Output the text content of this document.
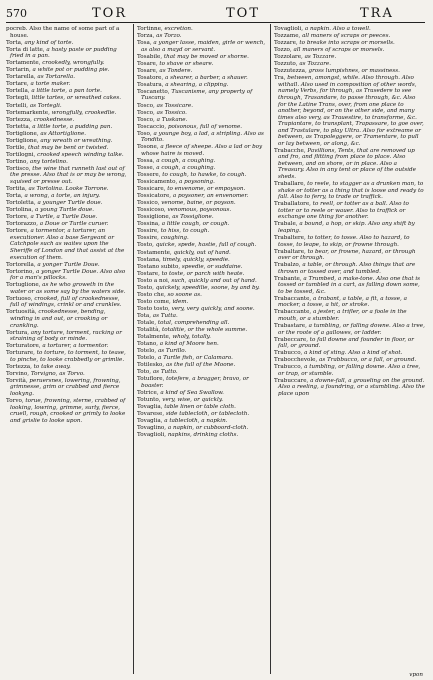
570	TOR	TOT	TRA
pocreb. Also the name of some part of a house.
Torta, any kind of torte.
Torta di latte, a hasty paste or pudding fried in a pan.
Tortamente, crookedly, wrongfully.
Tortarin, a white pot or pudding pie.
Tortarella, as Tortarella.
Tortare, a torte maker.
Tortella, a little torte, a pan torte.
Tortegli, little tartes, or wreathed cakes.
Tortelli, as Tortegli.
Tortemarkente, wrongfully, crookedlie.
Tortezza, crookednesse.
Tortetta, a little torte, a pudding pan.
Tortiglione, as Attortiglione.
Tortiglione, any wreath or wreathing.
Tortile, that may be bent or twisted.
Tortilogni, crooked speech winding talke.
Tortino, any tortelino.
Tortisco, the wine that runneth last out of the presse. Also that is or may be wrong, squised or presse out.
Tortita, as Tortolina. Looke Torrone.
Torta, a wrong, a torte, an injury.
Tortoletta, a younger Turtle doue.
Tortolina, a young Turtle doue.
Tortore, a Turtle, a Turtle Doue.
Tortorazzo, a Doue or Turtle curuer.
Tortore, a tormentor, a torturer, an executioner. Also a base Sergeant or Catchpole such as waites upon the Sheriffe of London and that assist at the execution of them.
Tortorella, a yonger Turtle Doue.
Tortorino, a yonger Turtle Doue. Also also for a man's pillocks.
Tortuglione, as he who groweth in the water or as some say by the waters side.
Tortuoso, crooked, full of crookednesse, full of windings, crinkl or and crankles.
Tortuosità, crookednesse, bending, winding in and out, or crooking or crankling.
Tortura, any torture, torment, racking or straining of body or minde.
Torturatore, a torturer, a tormentor.
Torturare, to torture, to torment, to tease, to pinche, to looke crabbedly or grimlie.
Tortezza, to take away.
Torvino, Torvigno, as Torvo.
Torvità, peruersnes, lowering, frowning, grimnesse, grim or crabbed and fierce lookyng.
Torvo, torue, frowning, sterne, crabbed of looking, lowring, grimme, surly, fierce, cruell, rough, crooked or grimly to looke and grislie to looke upon.
Tortinne, excretion.
Torza, as Torzo.
Tosa, a yonger lasse, maiden, girle or wench, as also a mayd or servant.
Tosabile, that may be moved or shorne.
Tosare, to shave or sheare.
Tosare, as Tondere.
Tosatore, a shearer, a barber, a shauer.
Tosatura, a shearing, a clipping.
Toscanetto, Tuscanisme, any property of Tuscany.
Tosco, as Tossicare.
Tosco, as Tossico.
Tosco, a Tuskane.
Toscaccio, poisonous, full of venome.
Toso, a younge boy, a lad, a stripling. Also as Tondito.
Tosone, a fleece of sheepe. Also a lad or boy whose haire is moved.
Tossa, a cough, a coughing.
Tosse, a cough, a coughing.
Tossere, to cough, to hawke, to cough.
Tossicamento, a poysoning.
Tossicare, to envenome, or empoyson.
Tossicatore, a poysoner, an envenomer.
Tossico, venome, baine, or poyson.
Tossicoso, venomous, poysonous.
Tossiglione, as Tossiglione.
Tossina, a little cough, or cough.
Tossire, to hiss, to cough.
Tossire, coughing.
Tosto, quicke, spede, hastie, full of cough.
Tostamente, quickly, out of hand.
Tostana, timely, quickly, speedie.
Tostano subito, speedie, or suddaine.
Tostare, to toste, or parch with heate.
Tosto a noi, such, quickly and out of hand.
Tosto, quickely, speedilie, soone, by and by.
Tosto che, so soone as.
Tosto come, idem.
Tosto tosto, very, very quickly, and soone.
Tota, as Tutta.
Totale, total, comprehending all.
Totalità, totalitie, or the whole summe.
Totalmente, wholy, totally.
Totano, a kind of Moore hen.
Totelo, as Turillo.
Totelo, a Turtle fish, or Calamaro.
Totilesko, as the full of the Moone.
Toto, as Tutto.
Totuflore, totefere, a bragger, bravo, or boaster.
Totrice, a kind of Sea Swallow.
Totunto, very, wise, or quickly.
Tovaglia, table linen or table cloth.
Tovarese, side tablecloth, or tablecloth.
Tovaglia, a tablecloth, a napkin.
Tovaglino, a napkin, or cubboord-cloth.
Tovaglioli, napkins, drinking cloths.
Tovaglioli, a napkin. Also a towell.
Tozzame, all maners of scraps or peeces.
Tozzare, to breake into scraps or morsells.
Tozzo, all maners of scraps or morsels.
Tozzolare, as Tozzare.
Tozzuto, as Tozzare.
Tozzutezza, gross lumpishnes, or massiness.
Tra, between, amongst, while. Also through. Also withall. Also used in composition of other words, namely Verbs, for through, as Trasedere to see through, Trasandare, to passe through, &c. Also for the Latine Trans, over, from one place to another, beyond, or on the other side, and many times also very, as Trauestire, to transforme, &c. Trapiantare, to transplant, Trapassare, to goe over, and Trastulare, to play Ultra. Also for extreame or between, as Trapoleggere, or Tramentare, to pull or lay between, or along, &c.
Trabacche, Pavillions, Tents, that are removed up and fro, and flitting from place to place. Also between, and on shore, or in place. Also a Treasury. Also in any tent or place of the outside sheds.
Traballare, to reele, to stagger as a drunken man, to shake or totter as a thing that is loose and ready to fall. Also to ferry, to trade or traffick.
Traballatore, to reell, or totter as a ball. Also to totter or to reele or wauer. Also to traffick or exchange one thing for another.
Trabale, a bound, a hop, or skip. Also any shift by leaping.
Trabaltere, to totter, to tosse. Also to hazard, to tosse, to leape, to skip, or frowne through.
Trabaltare, to bear, or frowne, hazard, or through over or through.
Trabalzo, a table, or through. Also things that are thrown or tossed over, and tumbled.
Trabante, a Trumbed, a make-tone. Also one that is tossed or tumbled in a cart, as falling down some, to be tossed, &c.
Trabaccante, a trabant, a table, a fit, a tosse, a mocker, a tosse, a hit, or stroke.
Trabaccante, a jester, a trifler, or a foole in the mouth, or a stumbler.
Trabastare, a tumbling, or falling downe. Also a tree, or the roote of a gallowes, or ladder.
Trabeccare, to fall downe and founder in floor, or fall, or ground.
Trabucco, a kind of sting. Also a kind of shot.
Trabocchevole, as Trabbucco, or a fall, or ground.
Trabucco, a tumbling, or falling downe. Also a tree, or trap, or stumble.
Trabuccare, a downe-fall, a groueling on the ground. Also a reeling, a foundring, or a stumbling. Also the place upon
vpon
